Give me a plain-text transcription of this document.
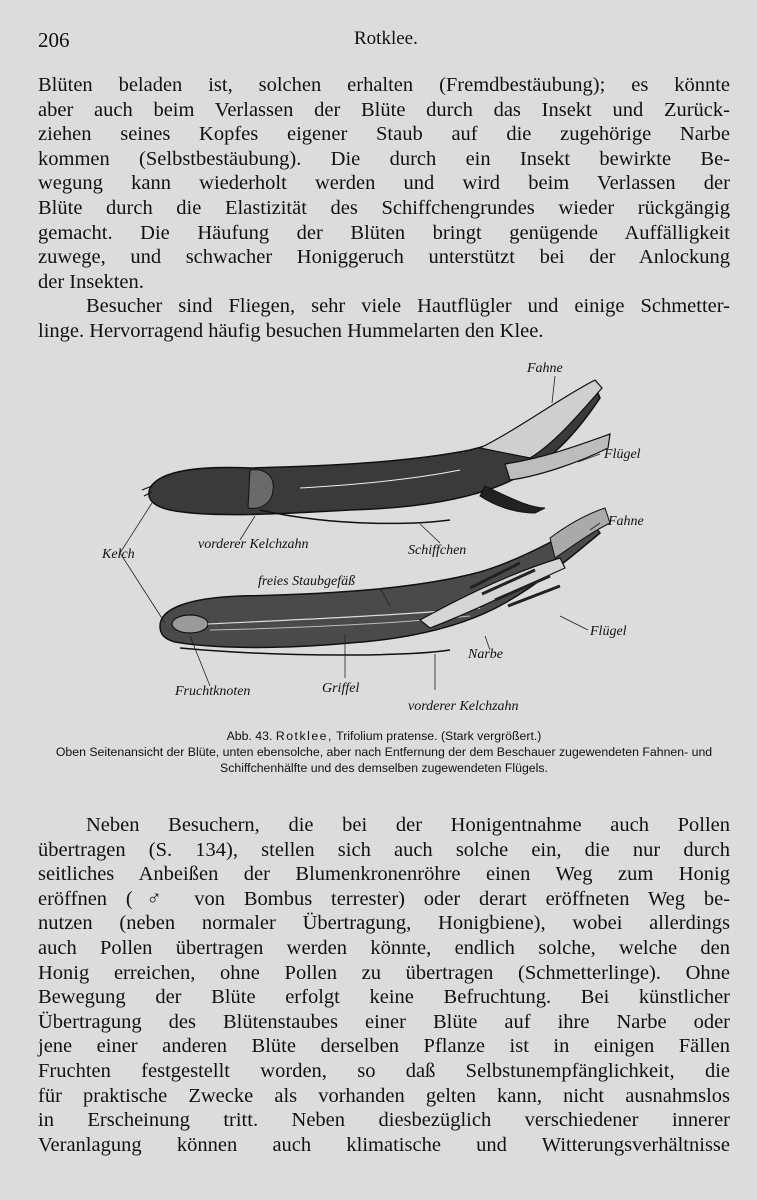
206	Rotklee.

Blüten beladen ist, solchen erhalten (Fremdbestäubung); es könnte

aber auch beim Verlassen der Blüte durch das Insekt und Zurück-

ziehen seines Kopfes eigener Staub auf die zugehörige Narbe

kommen (Selbstbestäubung). Die durch ein Insekt bewirkte Be-

wegung kann wiederholt werden und wird beim Verlassen der

Blüte durch die Elastizität des Schiffchengrundes wieder rückgängig

gemacht. Die Häufung der Blüten bringt genügende Auffälligkeit

zuwege, und schwacher Honiggeruch unterstützt bei der Anlockung

der Insekten.

Besucher sind Fliegen, sehr viele Hautflügler und einige Schmetter-

linge. Hervorragend häufig besuchen Hummelarten den Klee.

Fahne
Flügel
Kelch
vorderer Kelchzahn	Schiffchen
Fahne
freies Staubgefäß
Flügel
Narbe
Fruchtknoten	Griffel
vorderer Kelchzahn
Abb. 43. Rotklee, Trifolium pratense. (Stark vergrößert.)
Oben Seitenansicht der Blüte, unten ebensolche, aber nach Entfernung der dem Beschauer zugewendeten Fahnen- und Schiffchenhälfte und des demselben zugewendeten Flügels.

Neben Besuchern, die bei der Honigentnahme auch Pollen

übertragen (S. 134), stellen sich auch solche ein, die nur durch

seitliches Anbeißen der Blumenkronenröhre einen Weg zum Honig

eröffnen (♂ von Bombus terrester) oder derart eröffneten Weg be-

nutzen (neben normaler Übertragung, Honigbiene), wobei allerdings

auch Pollen übertragen werden könnte, endlich solche, welche den

Honig erreichen, ohne Pollen zu übertragen (Schmetterlinge). Ohne

Bewegung der Blüte erfolgt keine Befruchtung. Bei künstlicher

Übertragung des Blütenstaubes einer Blüte auf ihre Narbe oder

jene einer anderen Blüte derselben Pflanze ist in einigen Fällen

Fruchten festgestellt worden, so daß Selbstunempfänglichkeit, die

für praktische Zwecke als vorhanden gelten kann, nicht ausnahmslos

in Erscheinung tritt. Neben diesbezüglich verschiedener innerer

Veranlagung können auch klimatische und Witterungsverhältnisse
